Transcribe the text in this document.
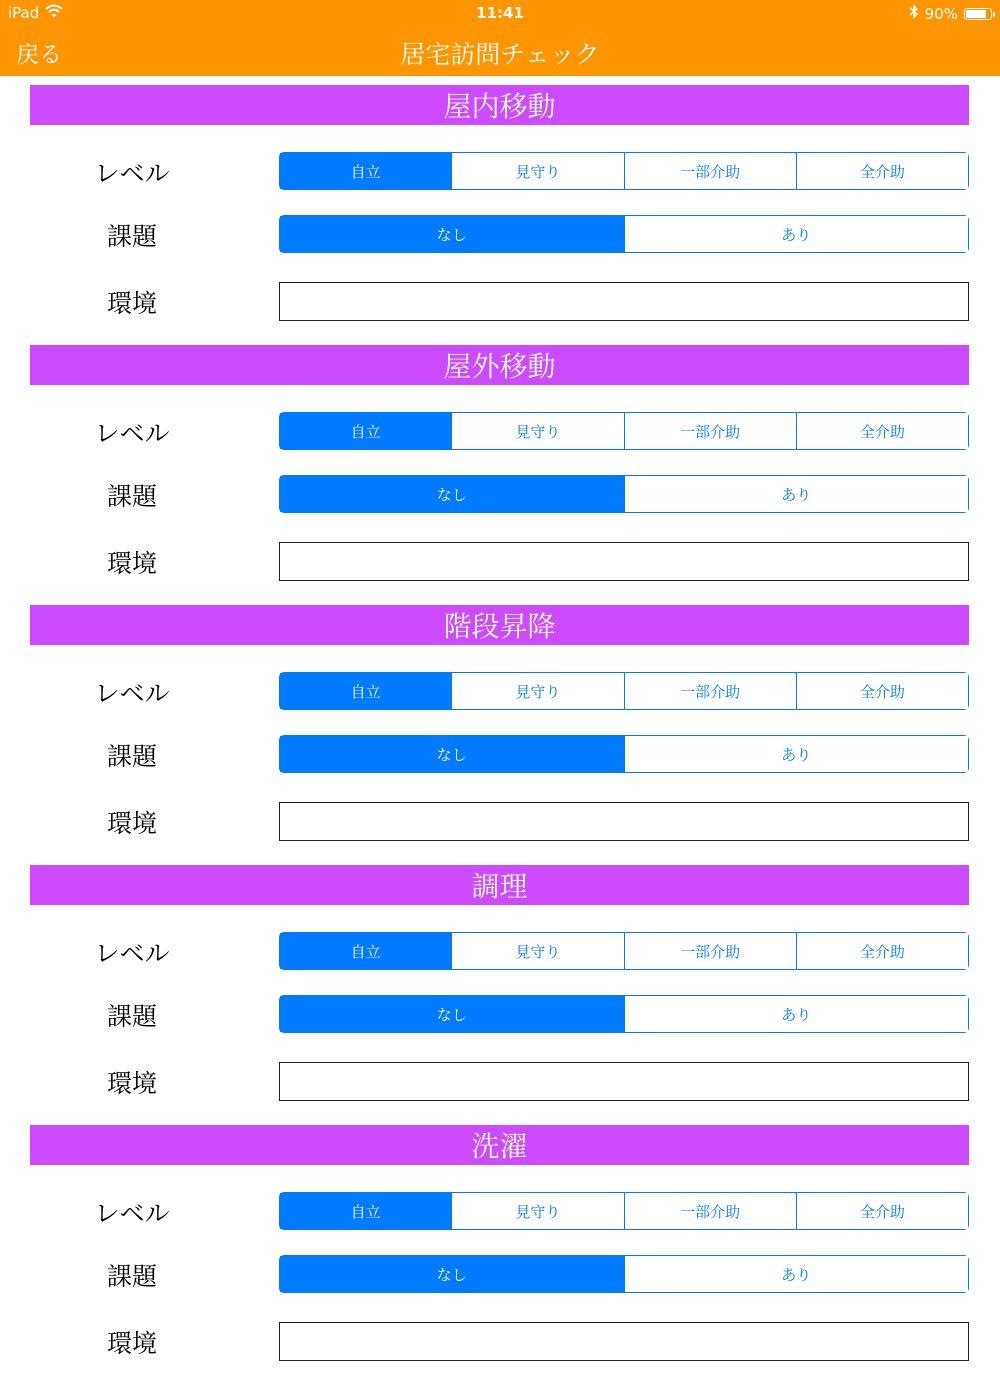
iPad	11:41	90%
戻る	居宅訪問チェック
屋内移動
レベル	自立	見守り	一部介助	全介助
課題	なし	あり
環境
屋外移動
レベル	自立	見守り	一部介助	全介助
課題	なし	あり
環境
階段昇降
レベル	自立	見守り	一部介助	全介助
課題	なし	あり
環境
調理
レベル	自立	見守り	一部介助	全介助
課題	なし	あり
環境
洗濯
レベル	自立	見守り	一部介助	全介助
課題	なし	あり
環境
